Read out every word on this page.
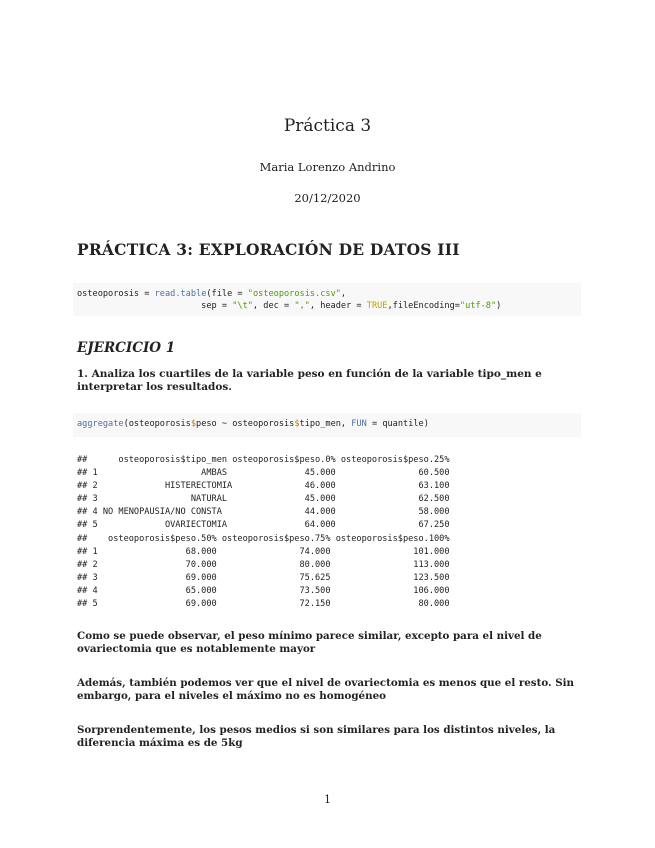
Práctica 3
Maria Lorenzo Andrino
20/12/2020
PRÁCTICA 3: EXPLORACIÓN DE DATOS III
osteoporosis = read.table(file = "osteoporosis.csv",
sep = "\t", dec = ",", header = TRUE,fileEncoding="utf-8")
EJERCICIO 1
1. Analiza los cuartiles de la variable peso en función de la variable tipo_men e interpretar los resultados.
aggregate(osteoporosis$peso ~ osteoporosis$tipo_men, FUN = quantile)
##      osteoporosis$tipo_men osteoporosis$peso.0% osteoporosis$peso.25%
## 1                    AMBAS               45.000                60.500
## 2             HISTERECTOMIA              46.000                63.100
## 3                  NATURAL               45.000                62.500
## 4 NO MENOPAUSIA/NO CONSTA                44.000                58.000
## 5             OVARIECTOMIA               64.000                67.250
##    osteoporosis$peso.50% osteoporosis$peso.75% osteoporosis$peso.100%
## 1                 68.000                74.000                101.000
## 2                 70.000                80.000                113.000
## 3                 69.000                75.625                123.500
## 4                 65.000                73.500                106.000
## 5                 69.000                72.150                 80.000
Como se puede observar, el peso mínimo parece similar, excepto para el nivel de ovariectomia que es notablemente mayor
Además, también podemos ver que el nivel de ovariectomia es menos que el resto. Sin embargo, para el niveles el máximo no es homogéneo
Sorprendentemente, los pesos medios si son similares para los distintos niveles, la diferencia máxima es de 5kg
1
